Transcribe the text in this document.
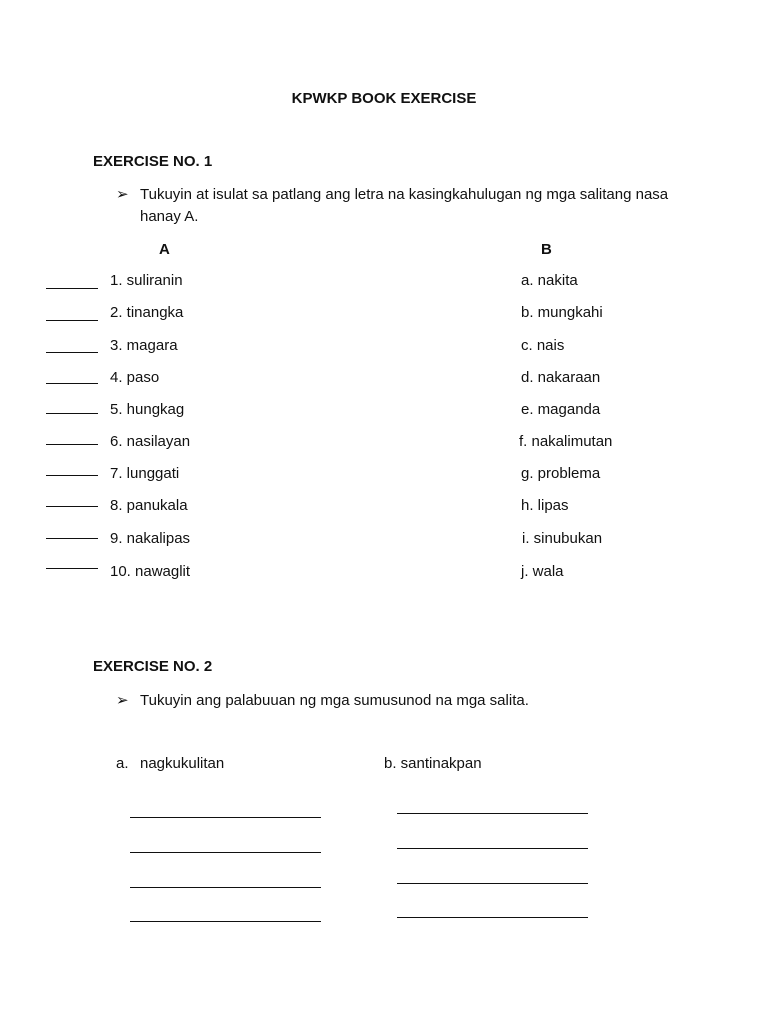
KPWKP BOOK EXERCISE
EXERCISE NO. 1
➢ Tukuyin at isulat sa patlang ang letra na kasingkahulugan ng mga salitang nasa hanay A.
A	B
1. suliranin
2. tinangka
3. magara
4. paso
5. hungkag
6. nasilayan
7. lunggati
8. panukala
9. nakalipas
10. nawaglit
a. nakita
b. mungkahi
c. nais
d. nakaraan
e. maganda
f. nakalimutan
g. problema
h. lipas
i. sinubukan
j. wala
EXERCISE NO. 2
➢ Tukuyin ang palabuuan ng mga sumusunod na mga salita.
a. nagkukulitan	b. santinakpan
